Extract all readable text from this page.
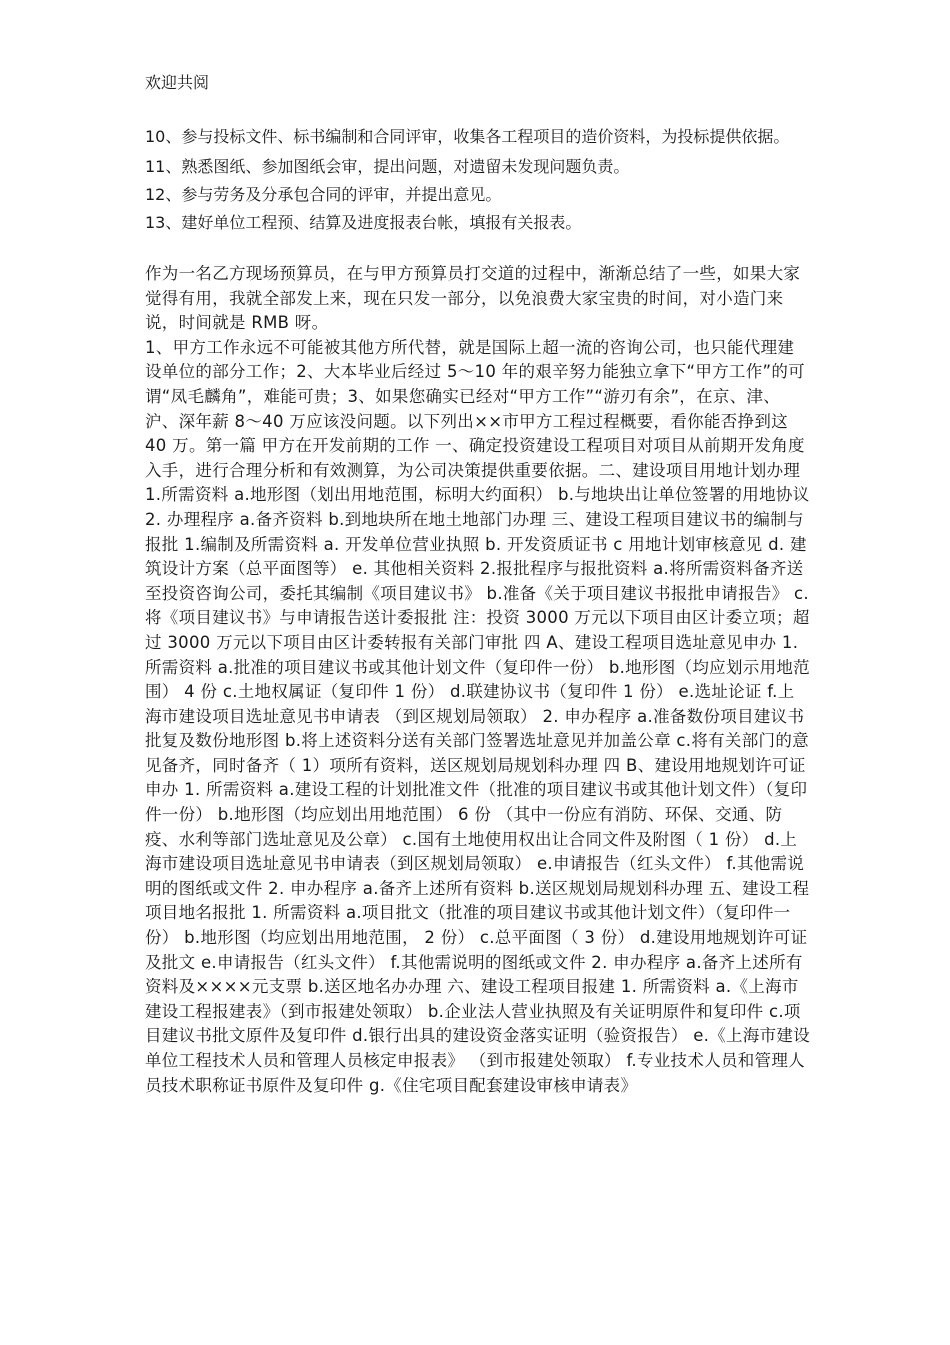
欢迎共阅
10、参与投标文件、标书编制和合同评审，收集各工程项目的造价资料，为投标提供依据。
11、熟悉图纸、参加图纸会审，提出问题，对遗留未发现问题负责。
12、参与劳务及分承包合同的评审，并提出意见。
13、建好单位工程预、结算及进度报表台帐，填报有关报表。

作为一名乙方现场预算员，在与甲方预算员打交道的过程中，渐渐总结了一些，如果大家觉得有用，我就全部发上来，现在只发一部分，以免浪费大家宝贵的时间，对小造门来说，时间就是 RMB 呀。

1、甲方工作永远不可能被其他方所代替，就是国际上超一流的咨询公司，也只能代理建设单位的部分工作；2、大本毕业后经过 5～10 年的艰辛努力能独立拿下“甲方工作”的可谓“凤毛麟角”，难能可贵；3、如果您确实已经对“甲方工作”“游刃有余”，在京、津、沪、深年薪 8～40 万应该没问题。以下列出××市甲方工程过程概要，看你能否挣到这 40 万。第一篇 甲方在开发前期的工作 一、确定投资建设工程项目对项目从前期开发角度入手，进行合理分析和有效测算，为公司决策提供重要依据。二、建设项目用地计划办理 1.所需资料 a.地形图（划出用地范围，标明大约面积） b.与地块出让单位签署的用地协议 2. 办理程序 a.备齐资料 b.到地块所在地土地部门办理 三、建设工程项目建议书的编制与报批 1.编制及所需资料 a. 开发单位营业执照 b. 开发资质证书 c 用地计划审核意见 d. 建筑设计方案（总平面图等） e. 其他相关资料 2.报批程序与报批资料 a.将所需资料备齐送至投资咨询公司，委托其编制《项目建议书》 b.准备《关于项目建议书报批申请报告》 c.将《项目建议书》与申请报告送计委报批 注：投资 3000 万元以下项目由区计委立项；超过 3000 万元以下项目由区计委转报有关部门审批 四 A、建设工程项目选址意见申办 1. 所需资料 a.批准的项目建议书或其他计划文件（复印件一份） b.地形图（均应划示用地范围） 4 份 c.土地权属证（复印件 1 份） d.联建协议书（复印件 1 份） e.选址论证 f.上海市建设项目选址意见书申请表 （到区规划局领取） 2. 申办程序 a.准备数份项目建议书批复及数份地形图 b.将上述资料分送有关部门签署选址意见并加盖公章 c.将有关部门的意见备齐，同时备齐（ 1）项所有资料，送区规划局规划科办理 四 B、建设用地规划许可证申办 1. 所需资料 a.建设工程的计划批准文件（批准的项目建议书或其他计划文件）（复印件一份） b.地形图（均应划出用地范围） 6 份 （其中一份应有消防、环保、交通、防疫、水利等部门选址意见及公章） c.国有土地使用权出让合同文件及附图（ 1 份） d.上海市建设项目选址意见书申请表（到区规划局领取） e.申请报告（红头文件） f.其他需说明的图纸或文件 2. 申办程序 a.备齐上述所有资料 b.送区规划局规划科办理 五、建设工程项目地名报批 1. 所需资料 a.项目批文（批准的项目建议书或其他计划文件）（复印件一份） b.地形图（均应划出用地范围， 2 份） c.总平面图（ 3 份） d.建设用地规划许可证及批文 e.申请报告（红头文件） f.其他需说明的图纸或文件 2. 申办程序 a.备齐上述所有资料及××××元支票 b.送区地名办办理 六、建设工程项目报建 1. 所需资料 a.《上海市建设工程报建表》（到市报建处领取） b.企业法人营业执照及有关证明原件和复印件 c.项目建议书批文原件及复印件 d.银行出具的建设资金落实证明（验资报告） e.《上海市建设单位工程技术人员和管理人员核定申报表》 （到市报建处领取） f.专业技术人员和管理人员技术职称证书原件及复印件 g.《住宅项目配套建设审核申请表》
